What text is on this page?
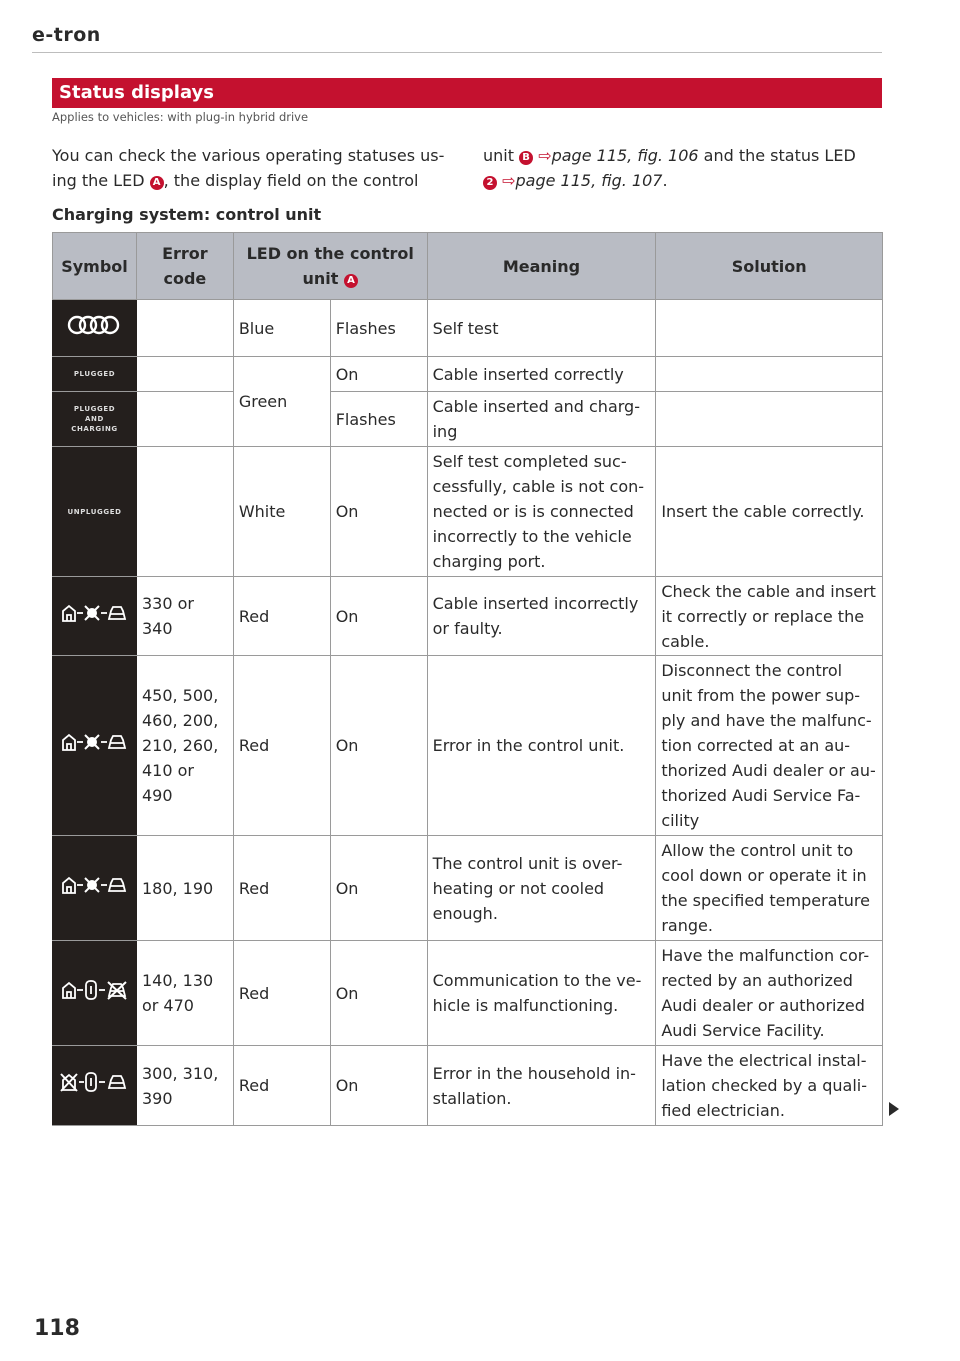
e-tron
Status displays
Applies to vehicles: with plug-in hybrid drive
You can check the various operating statuses us-
ing the LED A , the display field on the control
unit B ⇨page 115, fig. 106 and the status LED
2 ⇨page 115, fig. 107.
Charging system: control unit
Symbol	Error code	LED on the control unit A		Meaning	Solution
		Blue	Flashes	Self test	

PLUGGED		Green	On	Cable inserted correctly	

PLUGGED AND CHARGING			Flashes	Cable inserted and charg-ing	

UNPLUGGED		White	On	Self test completed suc-cessfully, cable is not con-nected or is is connected incorrectly to the vehicle charging port.	Insert the cable correctly.
	330 or 340	Red	On	Cable inserted incorrectly or faulty.	Check the cable and insert it correctly or replace the cable.
	450, 500, 460, 200, 210, 260, 410 or 490	Red	On	Error in the control unit.	Disconnect the control unit from the power sup-ply and have the malfunc-tion corrected at an au-thorized Audi dealer or au-thorized Audi Service Fa-cility
	180, 190	Red	On	The control unit is over-heating or not cooled enough.	Allow the control unit to cool down or operate it in the specified temperature range.
	140, 130 or 470	Red	On	Communication to the ve-hicle is malfunctioning.	Have the malfunction cor-rected by an authorized Audi dealer or authorized Audi Service Facility.
	300, 310, 390	Red	On	Error in the household in-stallation.	Have the electrical instal-lation checked by a quali-fied electrician.
118
